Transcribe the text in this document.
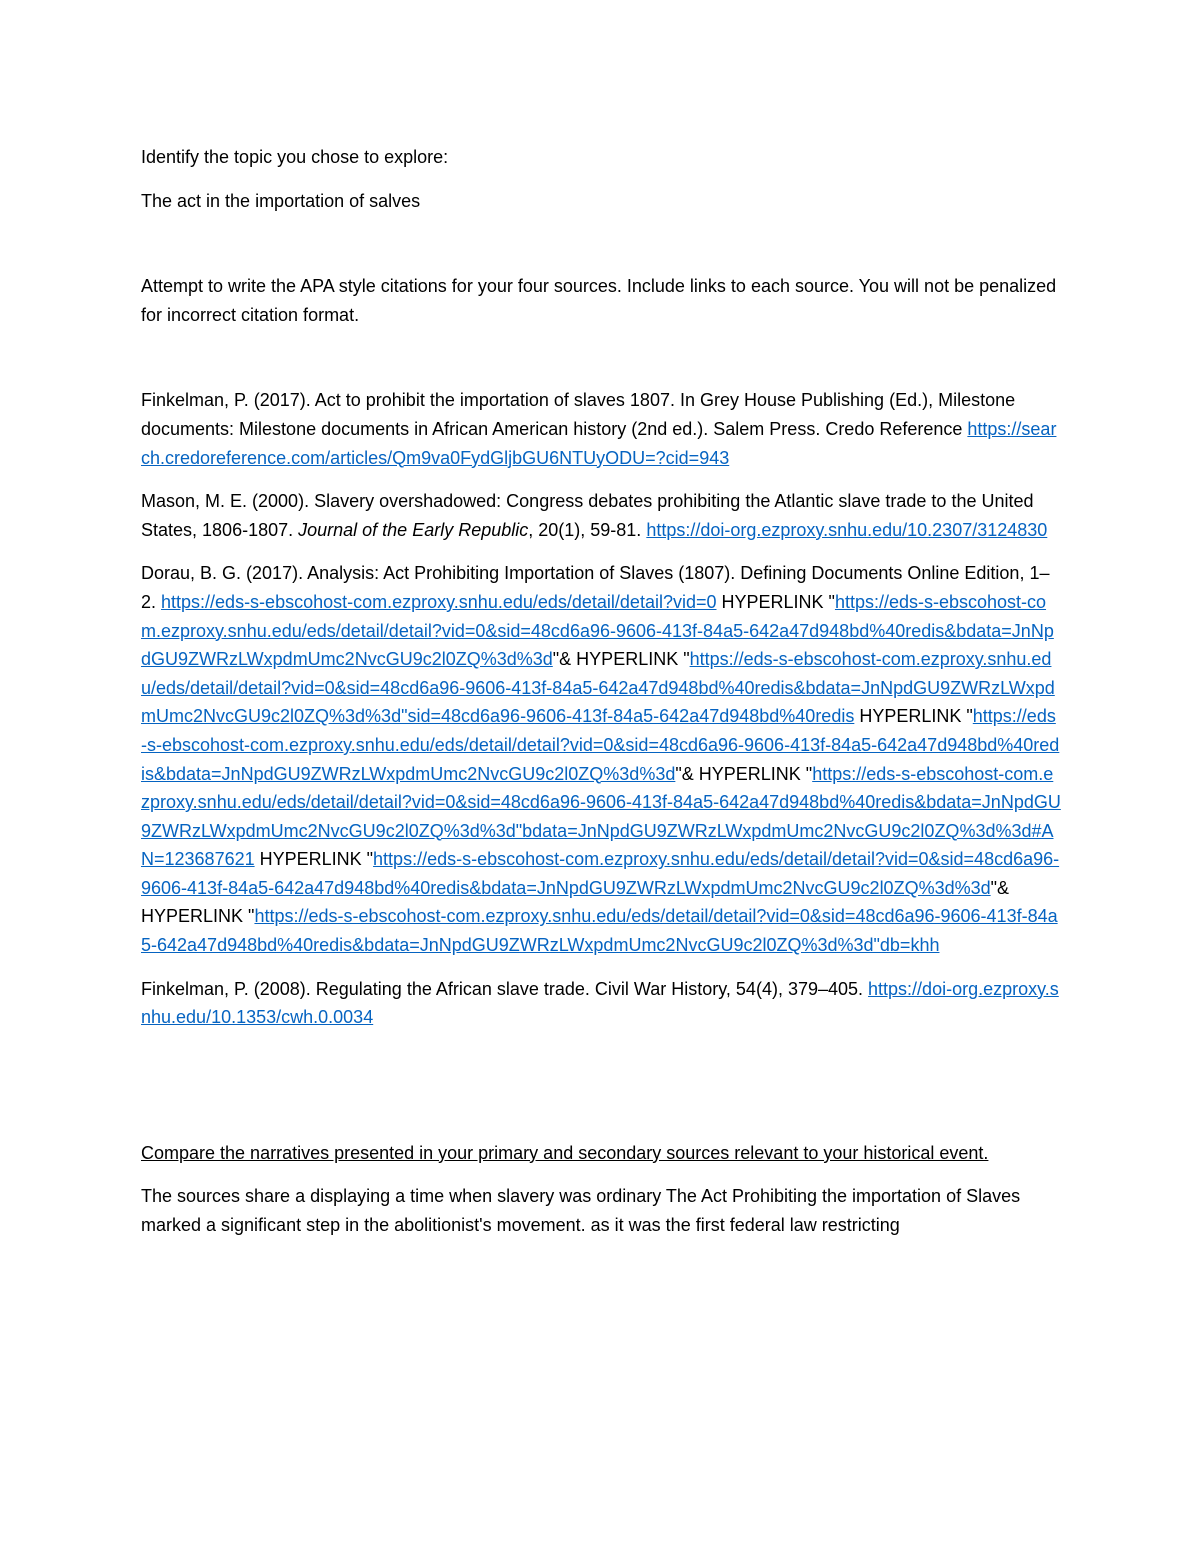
Identify the topic you chose to explore:

The act in the importation of salves

Attempt to write the APA style citations for your four sources. Include links to each source. You will not be penalized for incorrect citation format.

Finkelman, P. (2017). Act to prohibit the importation of slaves 1807. In Grey House Publishing (Ed.), Milestone documents: Milestone documents in African American history (2nd ed.). Salem Press. Credo Reference https://search.credoreference.com/articles/Qm9va0FydGljbGU6NTUyODU=?cid=943

Mason, M. E. (2000). Slavery overshadowed: Congress debates prohibiting the Atlantic slave trade to the United States, 1806-1807. Journal of the Early Republic, 20(1), 59-81. https://doi-org.ezproxy.snhu.edu/10.2307/3124830

Dorau, B. G. (2017). Analysis: Act Prohibiting Importation of Slaves (1807). Defining Documents Online Edition, 1–2. https://eds-s-ebscohost-com.ezproxy.snhu.edu/eds/detail/detail?vid=0 HYPERLINK "https://eds-s-ebscohost-com.ezproxy.snhu.edu/eds/detail/detail?vid=0&sid=48cd6a96-9606-413f-84a5-642a47d948bd%40redis&bdata=JnNpdGU9ZWRzLWxpdmUmc2NvcGU9c2l0ZQ%3d%3d"& HYPERLINK "https://eds-s-ebscohost-com.ezproxy.snhu.edu/eds/detail/detail?vid=0&sid=48cd6a96-9606-413f-84a5-642a47d948bd%40redis&bdata=JnNpdGU9ZWRzLWxpdmUmc2NvcGU9c2l0ZQ%3d%3d"sid=48cd6a96-9606-413f-84a5-642a47d948bd%40redis HYPERLINK "https://eds-s-ebscohost-com.ezproxy.snhu.edu/eds/detail/detail?vid=0&sid=48cd6a96-9606-413f-84a5-642a47d948bd%40redis&bdata=JnNpdGU9ZWRzLWxpdmUmc2NvcGU9c2l0ZQ%3d%3d"& HYPERLINK "https://eds-s-ebscohost-com.ezproxy.snhu.edu/eds/detail/detail?vid=0&sid=48cd6a96-9606-413f-84a5-642a47d948bd%40redis&bdata=JnNpdGU9ZWRzLWxpdmUmc2NvcGU9c2l0ZQ%3d%3d"bdata=JnNpdGU9ZWRzLWxpdmUmc2NvcGU9c2l0ZQ%3d%3d#AN=123687621 HYPERLINK "https://eds-s-ebscohost-com.ezproxy.snhu.edu/eds/detail/detail?vid=0&sid=48cd6a96-9606-413f-84a5-642a47d948bd%40redis&bdata=JnNpdGU9ZWRzLWxpdmUmc2NvcGU9c2l0ZQ%3d%3d"& HYPERLINK "https://eds-s-ebscohost-com.ezproxy.snhu.edu/eds/detail/detail?vid=0&sid=48cd6a96-9606-413f-84a5-642a47d948bd%40redis&bdata=JnNpdGU9ZWRzLWxpdmUmc2NvcGU9c2l0ZQ%3d%3d"db=khh

Finkelman, P. (2008). Regulating the African slave trade. Civil War History, 54(4), 379–405. https://doi-org.ezproxy.snhu.edu/10.1353/cwh.0.0034

Compare the narratives presented in your primary and secondary sources relevant to your historical event.

The sources share a displaying a time when slavery was ordinary The Act Prohibiting the importation of Slaves marked a significant step in the abolitionist's movement. as it was the first federal law restricting
